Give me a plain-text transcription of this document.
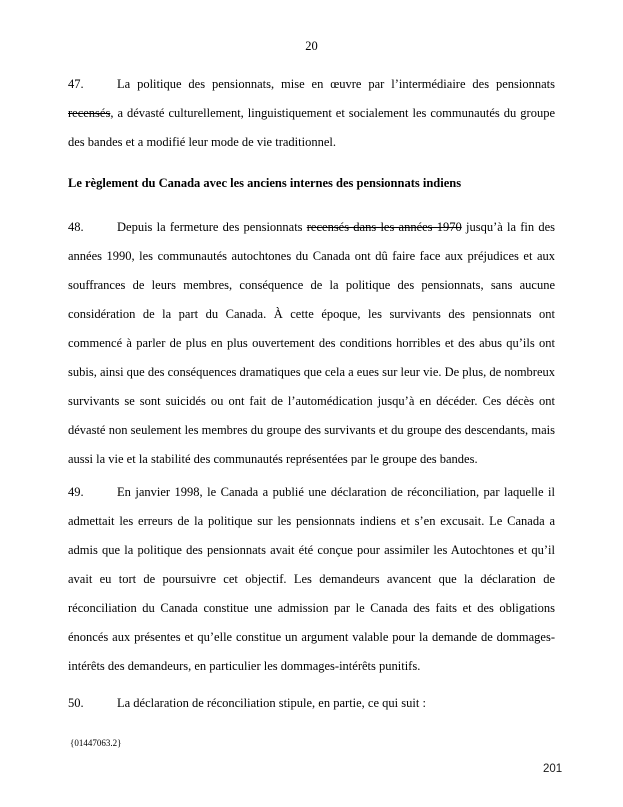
20
47.	La politique des pensionnats, mise en œuvre par l’intermédiaire des pensionnats recensés, a dévasté culturellement, linguistiquement et socialement les communautés du groupe des bandes et a modifié leur mode de vie traditionnel.
Le règlement du Canada avec les anciens internes des pensionnats indiens
48.	Depuis la fermeture des pensionnats recensés dans les années 1970 jusqu’à la fin des années 1990, les communautés autochtones du Canada ont dû faire face aux préjudices et aux souffrances de leurs membres, conséquence de la politique des pensionnats, sans aucune considération de la part du Canada. À cette époque, les survivants des pensionnats ont commencé à parler de plus en plus ouvertement des conditions horribles et des abus qu’ils ont subis, ainsi que des conséquences dramatiques que cela a eues sur leur vie. De plus, de nombreux survivants se sont suicidés ou ont fait de l’automédication jusqu’à en décéder. Ces décès ont dévasté non seulement les membres du groupe des survivants et du groupe des descendants, mais aussi la vie et la stabilité des communautés représentées par le groupe des bandes.
49.	En janvier 1998, le Canada a publié une déclaration de réconciliation, par laquelle il admettait les erreurs de la politique sur les pensionnats indiens et s’en excusait. Le Canada a admis que la politique des pensionnats avait été conçue pour assimiler les Autochtones et qu’il avait eu tort de poursuivre cet objectif. Les demandeurs avancent que la déclaration de réconciliation du Canada constitue une admission par le Canada des faits et des obligations énoncés aux présentes et qu’elle constitue un argument valable pour la demande de dommages-intérêts des demandeurs, en particulier les dommages-intérêts punitifs.
50.	La déclaration de réconciliation stipule, en partie, ce qui suit :
{01447063.2}
201
